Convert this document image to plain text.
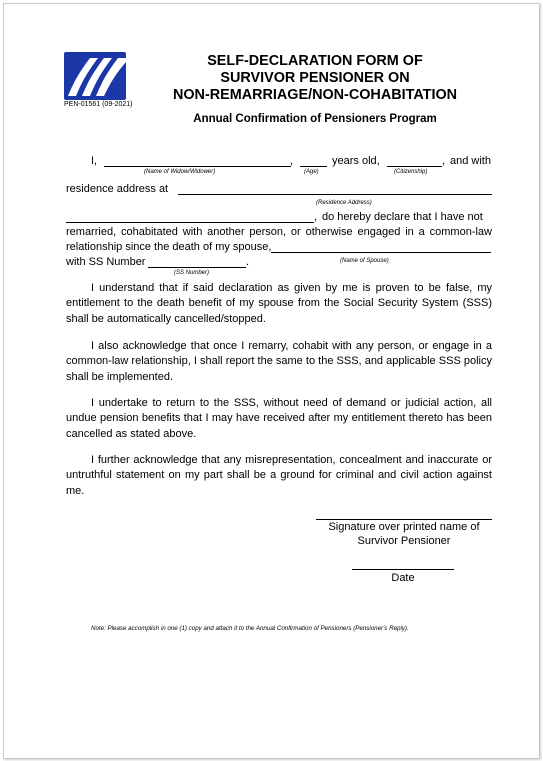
PEN-01561 (09-2021)
SELF-DECLARATION FORM OF
SURVIVOR PENSIONER ON
NON-REMARRIAGE/NON-COHABITATION
Annual Confirmation of Pensioners Program
I,	,	years old,	, and with
(Name of Widow/Widower)	(Age)	(Citizenship)
residence address at
(Residence Address)
, do hereby declare that I have not
remarried, cohabitated with another person, or otherwise engaged in a common-law
relationship since the death of my spouse,
with SS Number	.	(Name of Spouse)
(SS Number)

I understand that if said declaration as given by me is proven to be false, my entitlement to the death benefit of my spouse from the Social Security System (SSS) shall be automatically cancelled/stopped.

I also acknowledge that once I remarry, cohabit with any person, or engage in a common-law relationship, I shall report the same to the SSS, and applicable SSS policy shall be implemented.

I undertake to return to the SSS, without need of demand or judicial action, all undue pension benefits that I may have received after my entitlement thereto has been cancelled as stated above.

I further acknowledge that any misrepresentation, concealment and inaccurate or untruthful statement on my part shall be a ground for criminal and civil action against me.

Signature over printed name of
Survivor Pensioner
Date
Note: Please accomplish in one (1) copy and attach it to the Annual Confirmation of Pensioners (Pensioner's Reply).
